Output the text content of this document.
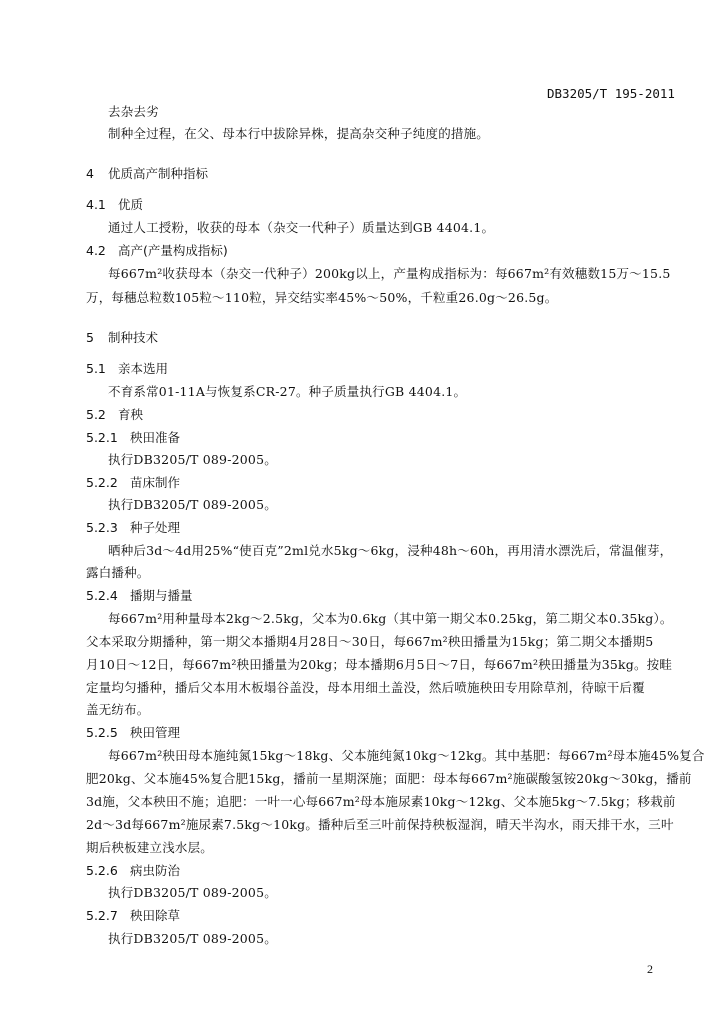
DB3205/T 195-2011
去杂去劣
制种全过程，在父、母本行中拔除异株，提高杂交种子纯度的措施。
4 优质高产制种指标
4.1 优质
通过人工授粉，收获的母本（杂交一代种子）质量达到GB 4404.1。
4.2 高产(产量构成指标)
每667m²收获母本（杂交一代种子）200kg以上，产量构成指标为：每667m²有效穗数15万～15.5
万，每穗总粒数105粒～110粒，异交结实率45%～50%，千粒重26.0g～26.5g。
5 制种技术
5.1 亲本选用
不育系常01-11A与恢复系CR-27。种子质量执行GB 4404.1。
5.2 育秧
5.2.1 秧田准备
执行DB3205/T 089-2005。
5.2.2 苗床制作
执行DB3205/T 089-2005。
5.2.3 种子处理
晒种后3d～4d用25%“使百克”2ml兑水5kg～6kg，浸种48h～60h，再用清水漂洗后，常温催芽，
露白播种。
5.2.4 播期与播量
每667m²用种量母本2kg～2.5kg，父本为0.6kg（其中第一期父本0.25kg，第二期父本0.35kg）。
父本采取分期播种，第一期父本播期4月28日～30日，每667m²秧田播量为15kg；第二期父本播期5
月10日～12日，每667m²秧田播量为20kg；母本播期6月5日～7日，每667m²秧田播量为35kg。按畦
定量均匀播种，播后父本用木板塌谷盖没，母本用细土盖没，然后喷施秧田专用除草剂，待晾干后覆
盖无纺布。
5.2.5 秧田管理
每667m²秧田母本施纯氮15kg～18kg、父本施纯氮10kg～12kg。其中基肥：每667m²母本施45%复合
肥20kg、父本施45%复合肥15kg，播前一星期深施；面肥：母本每667m²施碳酸氢铵20kg～30kg，播前
3d施，父本秧田不施；追肥：一叶一心每667m²母本施尿素10kg～12kg、父本施5kg～7.5kg；移栽前
2d～3d每667m²施尿素7.5kg～10kg。播种后至三叶前保持秧板湿润，晴天半沟水，雨天排干水，三叶
期后秧板建立浅水层。
5.2.6 病虫防治
执行DB3205/T 089-2005。
5.2.7 秧田除草
执行DB3205/T 089-2005。
2
